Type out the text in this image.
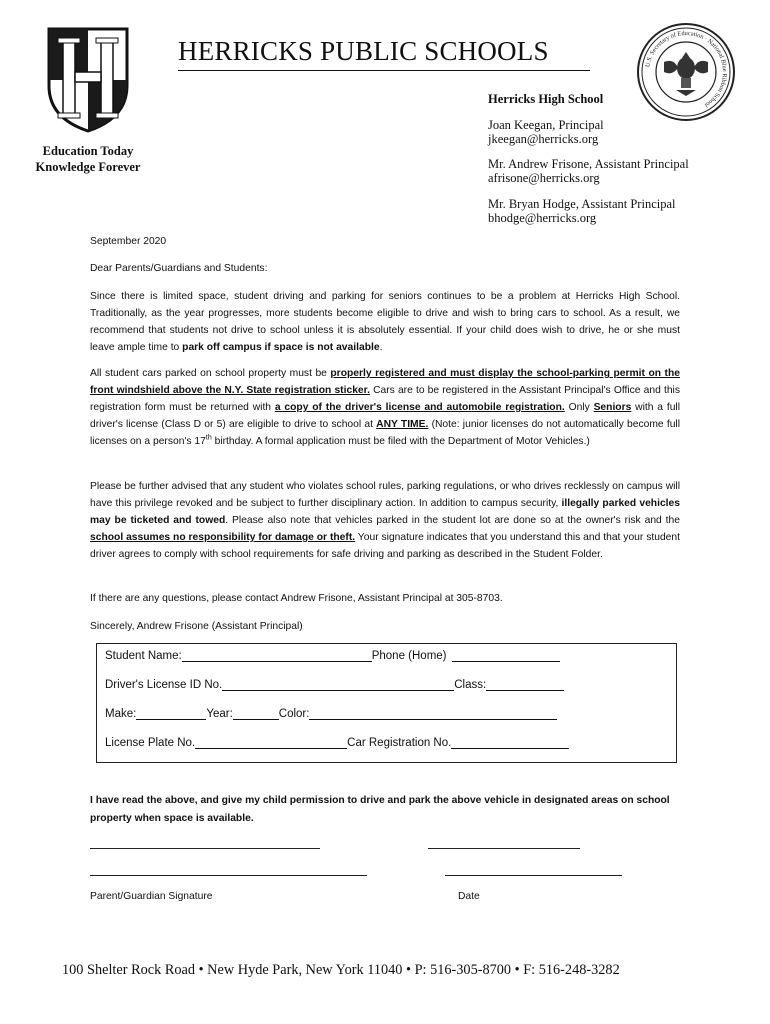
Education Today
Knowledge Forever
HERRICKS PUBLIC SCHOOLS	U.S. Secretary of Education · National Blue Ribbon School
Herricks High School
Joan Keegan, Principal
jkeegan@herricks.org
Mr. Andrew Frisone, Assistant Principal
afrisone@herricks.org
Mr. Bryan Hodge, Assistant Principal
bhodge@herricks.org
September 2020
Dear Parents/Guardians and Students:
Since there is limited space, student driving and parking for seniors continues to be a problem at Herricks High School. Traditionally, as the year progresses, more students become eligible to drive and wish to bring cars to school. As a result, we recommend that students not drive to school unless it is absolutely essential. If your child does wish to drive, he or she must leave ample time to park off campus if space is not available.
All student cars parked on school property must be properly registered and must display the school-parking permit on the front windshield above the N.Y. State registration sticker. Cars are to be registered in the Assistant Principal's Office and this registration form must be returned with a copy of the driver's license and automobile registration. Only Seniors with a full driver's license (Class D or 5) are eligible to drive to school at ANY TIME. (Note: junior licenses do not automatically become full licenses on a person's 17th birthday. A formal application must be filed with the Department of Motor Vehicles.)
Please be further advised that any student who violates school rules, parking regulations, or who drives recklessly on campus will have this privilege revoked and be subject to further disciplinary action. In addition to campus security, illegally parked vehicles may be ticketed and towed. Please also note that vehicles parked in the student lot are done so at the owner's risk and the school assumes no responsibility for damage or theft. Your signature indicates that you understand this and that your student driver agrees to comply with school requirements for safe driving and parking as described in the Student Folder.
If there are any questions, please contact Andrew Frisone, Assistant Principal at 305-8703.
Sincerely, Andrew Frisone (Assistant Principal)
Student Name:	Phone (Home)
Driver's License ID No.	Class:
Make:	Year:	Color:
License Plate No.	Car Registration No.
I have read the above, and give my child permission to drive and park the above vehicle in designated areas on school property when space is available.
Parent/Guardian Signature	Date
100 Shelter Rock Road • New Hyde Park, New York 11040 • P: 516-305-8700 • F: 516-248-3282
